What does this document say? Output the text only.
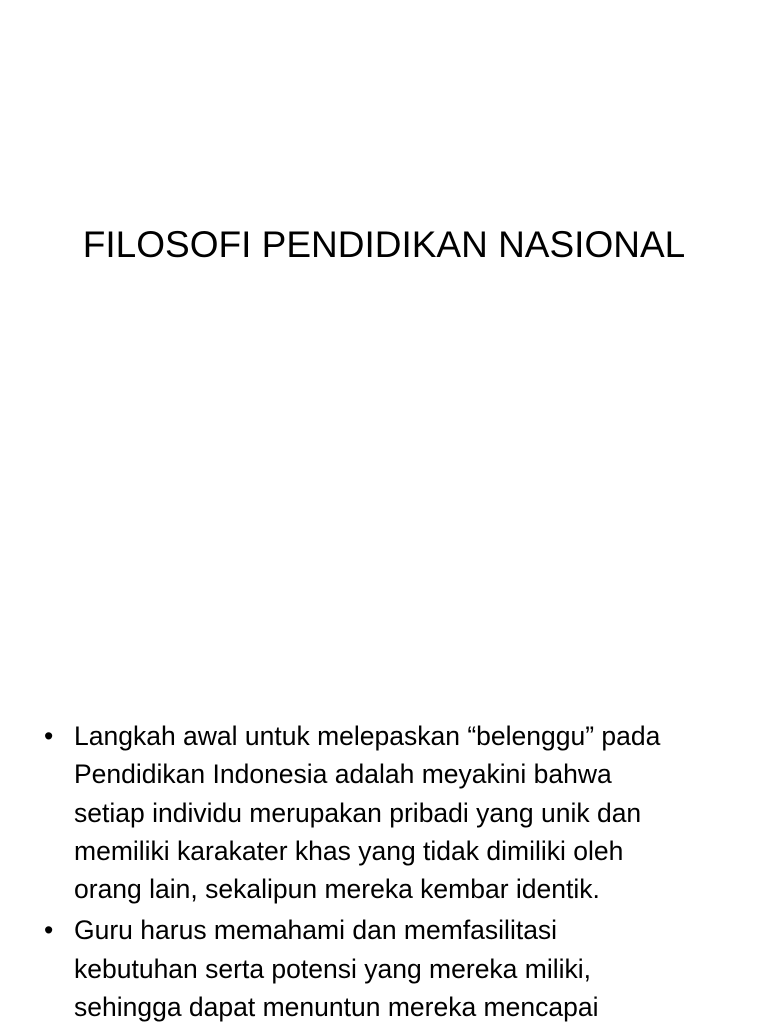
FILOSOFI PENDIDIKAN NASIONAL
• Langkah awal untuk melepaskan “belenggu” pada
Pendidikan Indonesia adalah meyakini bahwa
setiap individu merupakan pribadi yang unik dan
memiliki karakater khas yang tidak dimiliki oleh
orang lain, sekalipun mereka kembar identik.
• Guru harus memahami dan memfasilitasi
kebutuhan serta potensi yang mereka miliki,
sehingga dapat menuntun mereka mencapai
